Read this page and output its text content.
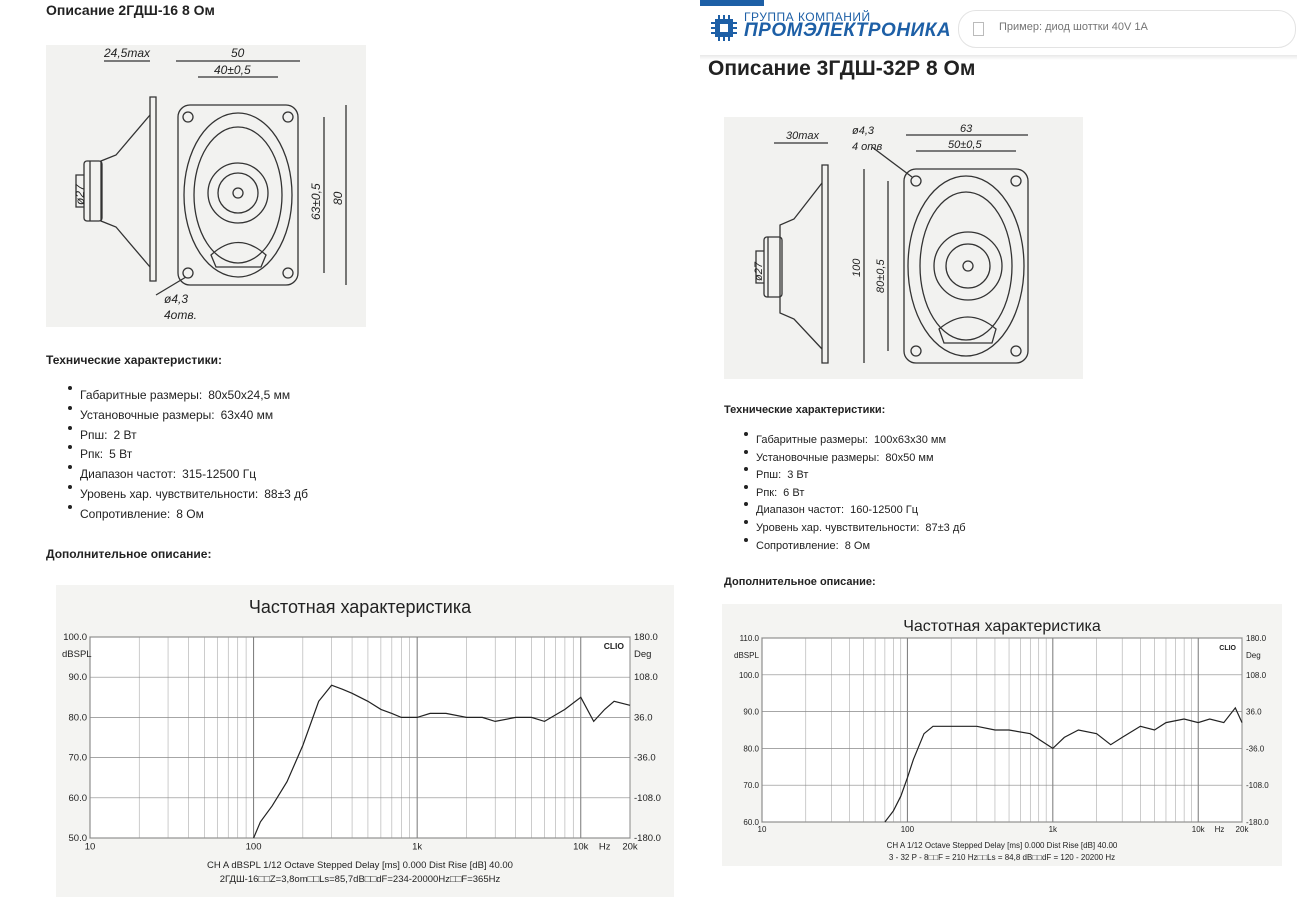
Описание 2ГДШ-16 8 Ом
24,5max	50
40±0,5
63±0,5 80
ø27
ø4,3
4отв.

Технические характеристики:

Габаритные размеры: 80х50х24,5 мм
Установочные размеры: 63х40 мм
Рпш: 2 Вт
Рпк: 5 Вт
Диапазон частот: 315-12500 Гц
Уровень хар. чувствительности: 88±3 дб
Сопротивление: 8 Ом

Дополнительное описание:

Частотная характеристика
100.0
90.0
80.0
70.0
60.0
50.0
180.0
108.0
36.0
-36.0
-108.0
-180.0
dBSPL	Deg
CLIO
10	100	1k	10k Hz 20k
CH A dBSPL 1/12 Octave Stepped Delay [ms] 0.000 Dist Rise [dB] 40.00
2ГДШ-16□□Z=3,8om□□Ls=85,7dB□□dF=234-20000Hz□□F=365Hz
ГРУППА КОМПАНИЙ
ПРОМЭЛЕКТРОНИКА
Пример: диод шоттки 40V 1A
Описание 3ГДШ-32Р 8 Ом
30max	ø4,3
4 отв
63
50±0,5
ø27	100 80±0,5

Технические характеристики:

Габаритные размеры: 100х63х30 мм
Установочные размеры: 80х50 мм
Рпш: 3 Вт
Рпк: 6 Вт
Диапазон частот: 160-12500 Гц
Уровень хар. чувствительности: 87±3 дб
Сопротивление: 8 Ом

Дополнительное описание:

Частотная характеристика
110.0
100.0
90.0
80.0
70.0
60.0
180.0
108.0
36.0
-36.0
-108.0
-180.0
dBSPL	Deg
CLIO
10	100	1k	10k Hz 20k
CH A 1/12 Octave Stepped Delay [ms] 0.000 Dist Rise [dB] 40.00
3 - 32 Р - 8□□F = 210 Hz□□Ls = 84,8 dB□□dF = 120 - 20200 Hz
